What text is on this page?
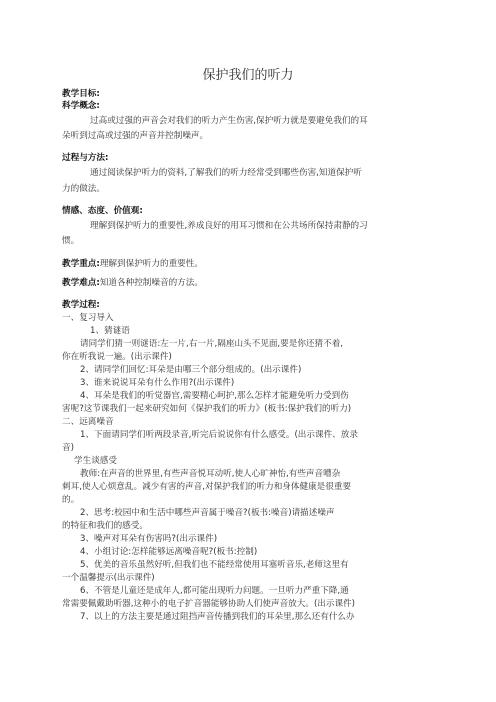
保护我们的听力
教学目标:
科学概念:
过高或过强的声音会对我们的听力产生伤害,保护听力就是要避免我们的耳
朵听到过高或过强的声音并控制噪声。
过程与方法:
通过阅读保护听力的资料,了解我们的听力经常受到哪些伤害,知道保护听
力的做法。
情感、态度、价值观:
理解到保护听力的重要性,养成良好的用耳习惯和在公共场所保持肃静的习
惯。
教学重点:理解到保护听力的重要性。
教学难点:知道各种控制噪音的方法。
教学过程:
一、复习导入
1、猜谜语
请同学们猜一则谜语:左一片,右一片,隔座山头不见面,要是你还猜不着,
你在听我说一遍。(出示课件)
2、请同学们回忆:耳朵是由哪三个部分组成的。(出示课件)
3、谁来说说耳朵有什么作用?(出示课件)
4、耳朵是我们的听觉器官,需要精心呵护,那么怎样才能避免听力受到伤
害呢?这节课我们一起来研究如何《保护我们的听力》(板书:保护我们的听力)
二、远离噪音
1、下面请同学们听两段录音,听完后说说你有什么感受。(出示课件、放录
音)
学生谈感受
教师:在声音的世界里,有些声音悦耳动听,使人心旷神怡,有些声音嘈杂
刺耳,使人心烦意乱。减少有害的声音,对保护我们的听力和身体健康是很重要
的。
2、思考:校园中和生活中哪些声音属于噪音?(板书:噪音)请描述噪声
的特征和我们的感受。
3、噪声对耳朵有伤害吗?(出示课件)
4、小组讨论:怎样能够远离噪音呢?(板书:控制)
5、优美的音乐虽然好听,但我们也不能经常使用耳塞听音乐,老师这里有
一个温馨提示(出示课件)
6、不管是儿童还是成年人,都可能出现听力问题。一旦听力严重下降,通
常需要佩戴助听器,这种小的电子扩音器能够协助人们使声音放大。(出示课件)
7、以上的方法主要是通过阻挡声音传播到我们的耳朵里,那么还有什么办
